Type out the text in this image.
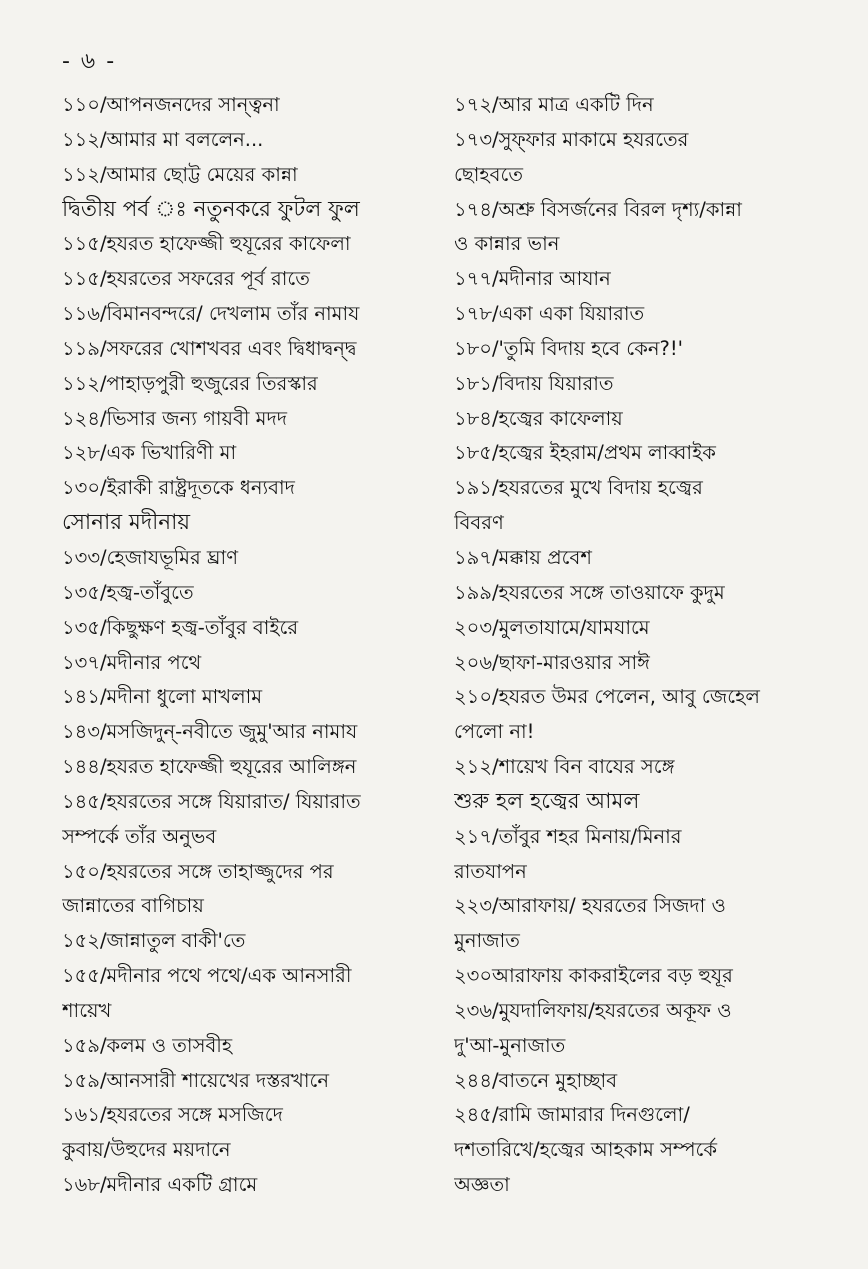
- ৬ -
১১০/আপনজনদের সান্ত্বনা
১১২/আমার মা বললেন...
১১২/আমার ছোট্ট মেয়ের কান্না
দ্বিতীয় পর্ব ঃ নতুনকরে ফুটল ফুল
১১৫/হযরত হাফেজ্জী হুযূরের কাফেলা
১১৫/হযরতের সফরের পূর্ব রাতে
১১৬/বিমানবন্দরে/ দেখলাম তাঁর নামায
১১৯/সফরের খোশখবর এবং দ্বিধাদ্বন্দ্ব
১১২/পাহাড়পুরী হুজুরের তিরস্কার
১২৪/ভিসার জন্য গায়বী মদদ
১২৮/এক ভিখারিণী মা
১৩০/ইরাকী রাষ্ট্রদূতকে ধন্যবাদ
সোনার মদীনায়
১৩৩/হেজাযভূমির ঘ্রাণ
১৩৫/হজ্ব-তাঁবুতে
১৩৫/কিছুক্ষণ হজ্ব-তাঁবুর বাইরে
১৩৭/মদীনার পথে
১৪১/মদীনা ধুলো মাখলাম
১৪৩/মসজিদুন্-নবীতে জুমু'আর নামায
১৪৪/হযরত হাফেজ্জী হুযূরের আলিঙ্গন
১৪৫/হযরতের সঙ্গে যিয়ারাত/ যিয়ারাত
সম্পর্কে তাঁর অনুভব
১৫০/হযরতের সঙ্গে তাহাজ্জুদের পর
জান্নাতের বাগিচায়
১৫২/জান্নাতুল বাকী'তে
১৫৫/মদীনার পথে পথে/এক আনসারী
শায়েখ
১৫৯/কলম ও তাসবীহ
১৫৯/আনসারী শায়েখের দস্তরখানে
১৬১/হযরতের সঙ্গে মসজিদে
কুবায়/উহুদের ময়দানে
১৬৮/মদীনার একটি গ্রামে
১৭২/আর মাত্র একটি দিন
১৭৩/সুফ্ফার মাকামে হযরতের
ছোহবতে
১৭৪/অশ্রু বিসর্জনের বিরল দৃশ্য/কান্না
ও কান্নার ভান
১৭৭/মদীনার আযান
১৭৮/একা একা যিয়ারাত
১৮০/'তুমি বিদায় হবে কেন?!'
১৮১/বিদায় যিয়ারাত
১৮৪/হজ্বের কাফেলায়
১৮৫/হজ্বের ইহরাম/প্রথম লাব্বাইক
১৯১/হযরতের মুখে বিদায় হজ্বের
বিবরণ
১৯৭/মক্কায় প্রবেশ
১৯৯/হযরতের সঙ্গে তাওয়াফে কুদুম
২০৩/মুলতাযামে/যামযামে
২০৬/ছাফা-মারওয়ার সাঈ
২১০/হযরত উমর পেলেন, আবু জেহেল
পেলো না!
২১২/শায়েখ বিন বাযের সঙ্গে
শুরু হল হজ্বের আমল
২১৭/তাঁবুর শহর মিনায়/মিনার
রাতযাপন
২২৩/আরাফায়/ হযরতের সিজদা ও
মুনাজাত
২৩০আরাফায় কাকরাইলের বড় হুযূর
২৩৬/মুযদালিফায়/হযরতের অকূফ ও
দু'আ-মুনাজাত
২৪৪/বাতনে মুহাচ্ছাব
২৪৫/রামি জামারার দিনগুলো/
দশতারিখে/হজ্বের আহকাম সম্পর্কে
অজ্ঞতা
